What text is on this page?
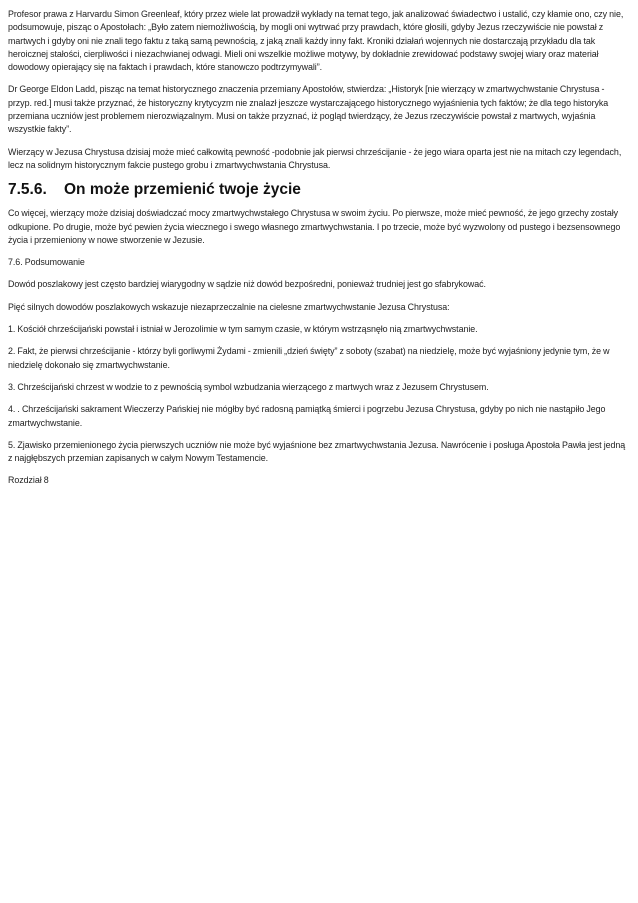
Profesor prawa z Harvardu Simon Greenleaf, który przez wiele lat prowadził wykłady na temat tego, jak analizować świadectwo i ustalić, czy kłamie ono, czy nie, podsumowuje, pisząc o Apostołach: „Było zatem niemożliwością, by mogli oni wytrwać przy prawdach, które głosili, gdyby Jezus rzeczywiście nie powstał z martwych i gdyby oni nie znali tego faktu z taką samą pewnością, z jaką znali każdy inny fakt. Kroniki działań wojennych nie dostarczają przykładu dla tak heroicznej stałości, cierpliwości i niezachwianej odwagi. Mieli oni wszelkie możliwe motywy, by dokładnie zrewidować podstawy swojej wiary oraz materiał dowodowy opierający się na faktach i prawdach, które stanowczo podtrzymywali”.

Dr George Eldon Ladd, pisząc na temat historycznego znaczenia przemiany Apostołów, stwierdza: „Historyk [nie wierzący w zmartwychwstanie Chrystusa - przyp. red.] musi także przyznać, że historyczny krytycyzm nie znalazł jeszcze wystarczającego historycznego wyjaśnienia tych faktów; że dla tego historyka przemiana uczniów jest problemem nierozwiązalnym. Musi on także przyznać, iż pogląd twierdzący, że Jezus rzeczywiście powstał z martwych, wyjaśnia wszystkie fakty”.

Wierzący w Jezusa Chrystusa dzisiaj może mieć całkowitą pewność -podobnie jak pierwsi chrześcijanie - że jego wiara oparta jest nie na mitach czy legendach, lecz na solidnym historycznym fakcie pustego grobu i zmartwychwstania Chrystusa.

7.5.6. On może przemienić twoje życie

Co więcej, wierzący może dzisiaj doświadczać mocy zmartwychwstałego Chrystusa w swoim życiu. Po pierwsze, może mieć pewność, że jego grzechy zostały odkupione. Po drugie, może być pewien życia wiecznego i swego własnego zmartwychwstania. I po trzecie, może być wyzwolony od pustego i bezsensownego życia i przemieniony w nowe stworzenie w Jezusie.

7.6. Podsumowanie

Dowód poszlakowy jest często bardziej wiarygodny w sądzie niż dowód bezpośredni, ponieważ trudniej jest go sfabrykować.

Pięć silnych dowodów poszlakowych wskazuje niezaprzeczalnie na cielesne zmartwychwstanie Jezusa Chrystusa:

1. Kościół chrześcijański powstał i istniał w Jerozolimie w tym samym czasie, w którym wstrząsnęło nią zmartwychwstanie.

2. Fakt, że pierwsi chrześcijanie - którzy byli gorliwymi Żydami - zmienili „dzień święty” z soboty (szabat) na niedzielę, może być wyjaśniony jedynie tym, że w niedzielę dokonało się zmartwychwstanie.

3. Chrześcijański chrzest w wodzie to z pewnością symbol wzbudzania wierzącego z martwych wraz z Jezusem Chrystusem.

4. . Chrześcijański sakrament Wieczerzy Pańskiej nie mógłby być radosną pamiątką śmierci i pogrzebu Jezusa Chrystusa, gdyby po nich nie nastąpiło Jego zmartwychwstanie.

5. Zjawisko przemienionego życia pierwszych uczniów nie może być wyjaśnione bez zmartwychwstania Jezusa. Nawrócenie i posługa Apostoła Pawła jest jedną z najgłębszych przemian zapisanych w całym Nowym Testamencie.

Rozdział 8
